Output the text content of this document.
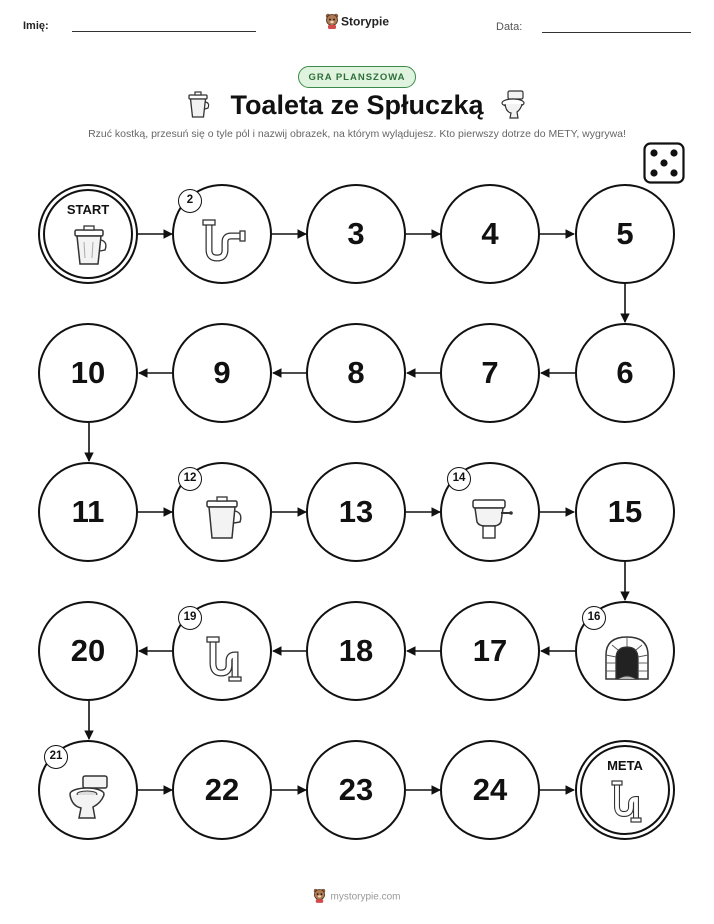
Imię:	Storypie	Data:
GRA PLANSZOWA
Toaleta ze Spłuczką
Rzuć kostką, przesuń się o tyle pól i nazwij obrazek, na którym wylądujesz. Kto pierwszy dotrze do METY, wygrywa!
START
2
3	4	5
6
7
8
9
10
11
12
13
14
15
16
17
18
19
20
21
22	23	24
META
mystorypie.com
